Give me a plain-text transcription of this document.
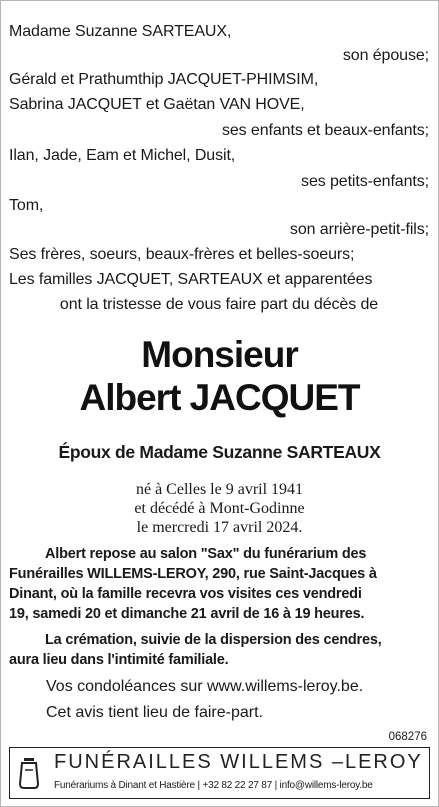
Madame Suzanne SARTEAUX,
son épouse;
Gérald et Prathumthip JACQUET-PHIMSIM,
Sabrina JACQUET et Gaëtan VAN HOVE,
ses enfants et beaux-enfants;
Ilan, Jade, Eam et Michel, Dusit,
ses petits-enfants;
Tom,
son arrière-petit-fils;
Ses frères, soeurs, beaux-frères et belles-soeurs;
Les familles JACQUET, SARTEAUX et apparentées
ont la tristesse de vous faire part du décès de
Monsieur
Albert JACQUET
Époux de Madame Suzanne SARTEAUX
né à Celles le 9 avril 1941
et décédé à Mont-Godinne
le mercredi 17 avril 2024.
Albert repose au salon "Sax" du funérarium des
Funérailles WILLEMS-LEROY, 290, rue Saint-Jacques à
Dinant, où la famille recevra vos visites ces vendredi
19, samedi 20 et dimanche 21 avril de 16 à 19 heures.
La crémation, suivie de la dispersion des cendres,
aura lieu dans l'intimité familiale.
Vos condoléances sur www.willems-leroy.be.
Cet avis tient lieu de faire-part.
068276
FUNÉRAILLES WILLEMS –LEROY
Funérariums à Dinant et Hastière | +32 82 22 27 87 | info@willems-leroy.be
